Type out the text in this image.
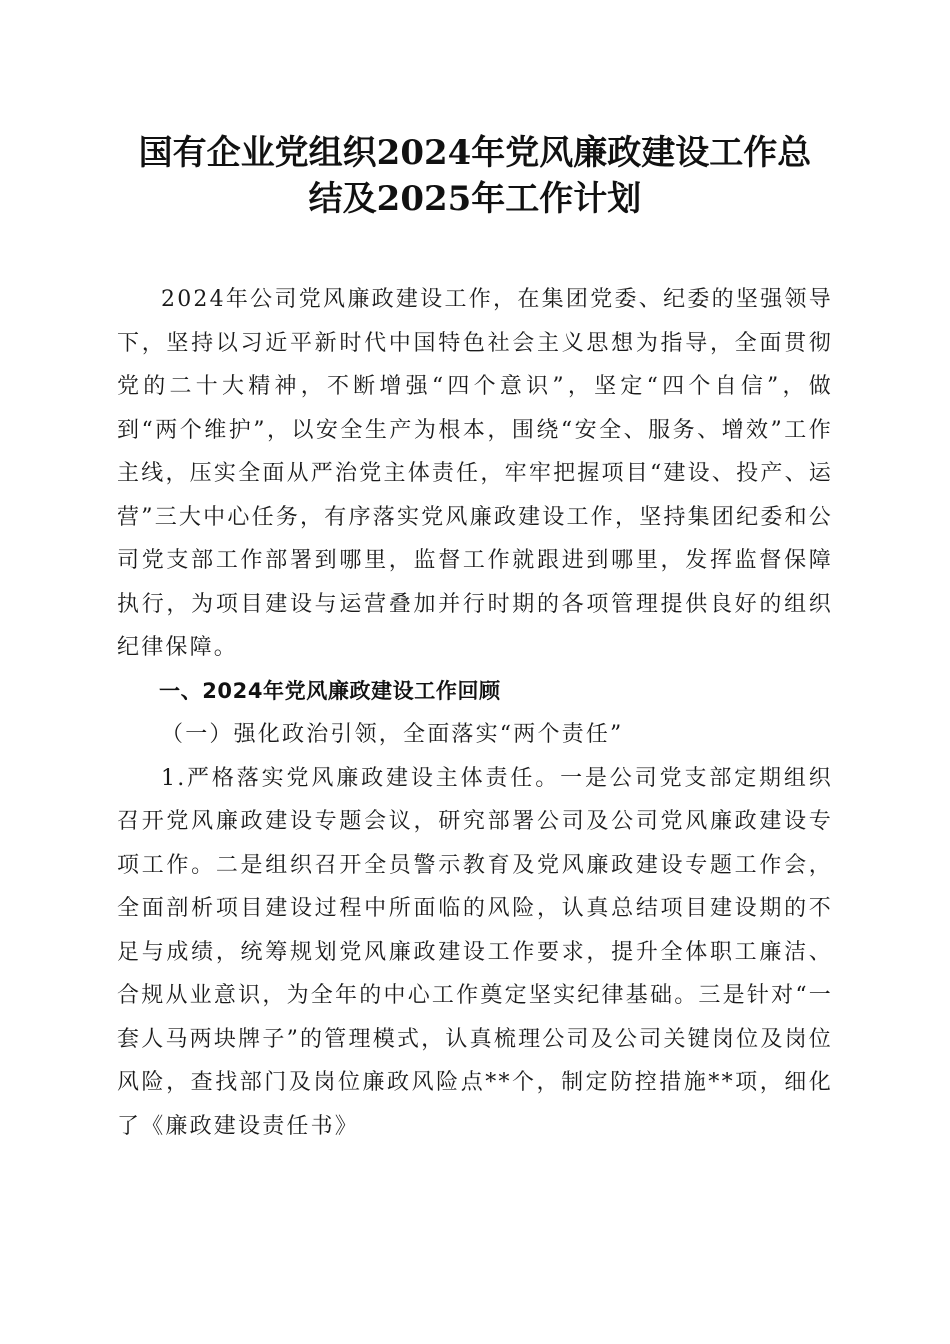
国有企业党组织2024年党风廉政建设工作总
结及2025年工作计划

2024年公司党风廉政建设工作，在集团党委、纪委的坚强领导下，坚持以习近平新时代中国特色社会主义思想为指导，全面贯彻党的二十大精神，不断增强“四个意识”，坚定“四个自信”，做到“两个维护”，以安全生产为根本，围绕“安全、服务、增效”工作主线，压实全面从严治党主体责任，牢牢把握项目“建设、投产、运营”三大中心任务，有序落实党风廉政建设工作，坚持集团纪委和公司党支部工作部署到哪里，监督工作就跟进到哪里，发挥监督保障执行，为项目建设与运营叠加并行时期的各项管理提供良好的组织纪律保障。

一、2024年党风廉政建设工作回顾

（一）强化政治引领，全面落实“两个责任”

1.严格落实党风廉政建设主体责任。一是公司党支部定期组织召开党风廉政建设专题会议，研究部署公司及公司党风廉政建设专项工作。二是组织召开全员警示教育及党风廉政建设专题工作会，全面剖析项目建设过程中所面临的风险，认真总结项目建设期的不足与成绩，统筹规划党风廉政建设工作要求，提升全体职工廉洁、合规从业意识，为全年的中心工作奠定坚实纪律基础。三是针对“一套人马两块牌子”的管理模式，认真梳理公司及公司关键岗位及岗位风险，查找部门及岗位廉政风险点**个，制定防控措施**项，细化了《廉政建设责任书》
